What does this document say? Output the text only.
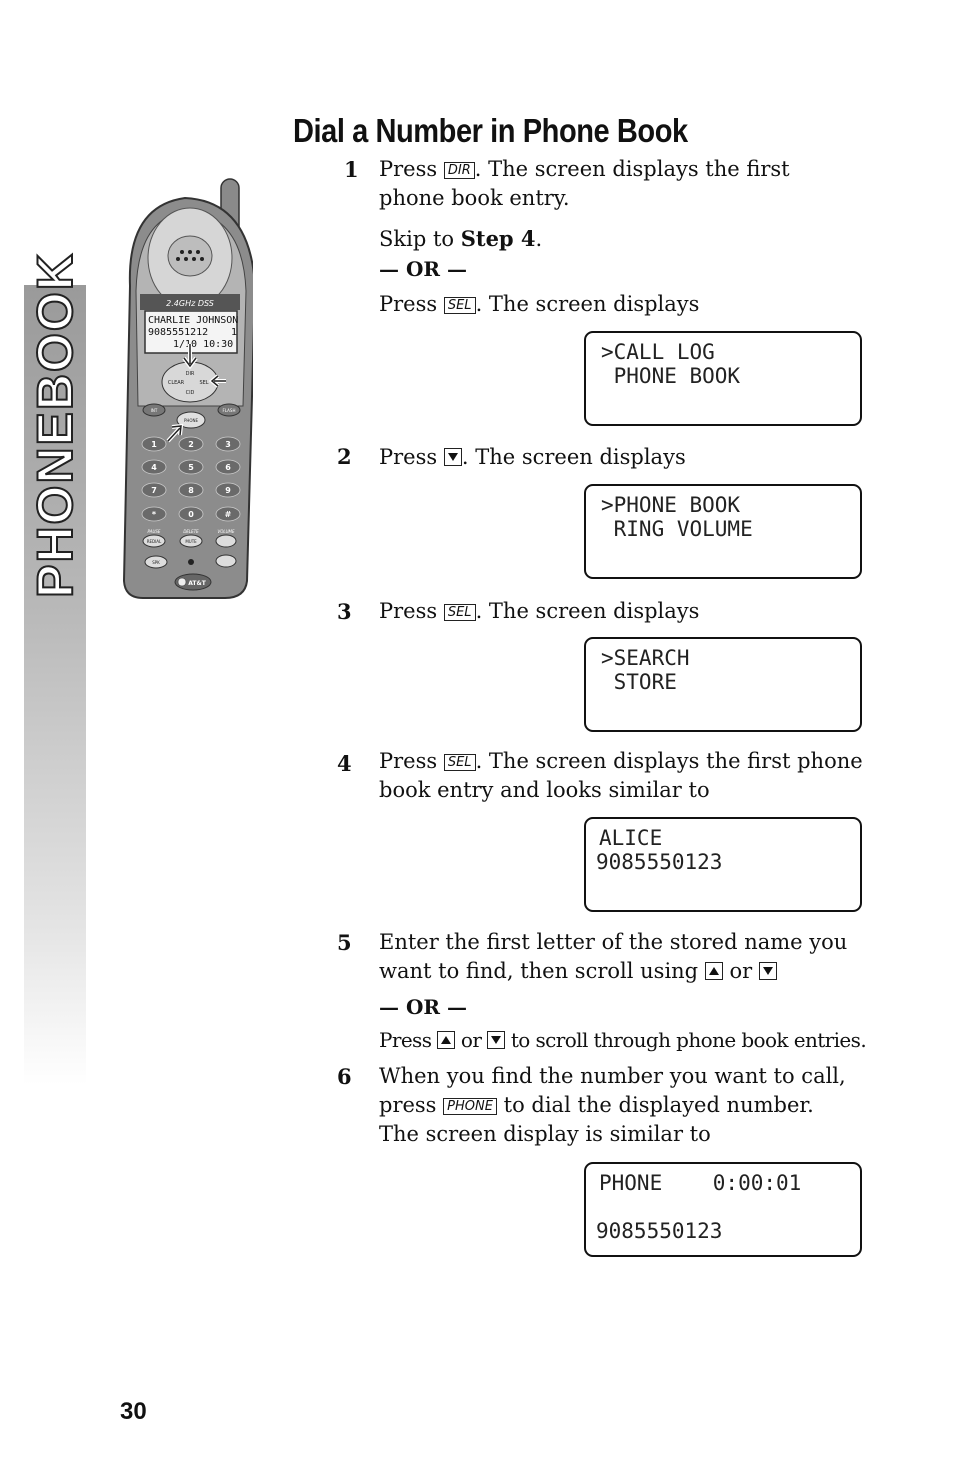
PHONEBOOK
Dial a Number in Phone Book
2.4GHz DSS
CHARLIE JOHNSON
9085551212 1
1/10 10:30
DIR
CLEAR	SEL
CID
INT	FLASH
PHONE
1	2	3
4	5	6
7	8	9
*	0	#
PAUSE	DELETE	VOLUME
REDIAL	MUTE
SPK
AT&T
1 Press DIR . The screen displays the first
phone book entry.
Skip to Step 4.
— OR —
Press SEL . The screen displays
>CALL LOG
PHONE BOOK
2 Press . The screen displays
>PHONE BOOK
RING VOLUME
3 Press SEL . The screen displays
>SEARCH
STORE
4 Press SEL . The screen displays the first phone
book entry and looks similar to
ALICE
9085550123
5 Enter the first letter of the stored name you
want to find, then scroll using or
— OR —
Press or to scroll through phone book entries.
6 When you find the number you want to call,
press PHONE to dial the displayed number.
The screen display is similar to
PHONE    0:00:01
9085550123
30
